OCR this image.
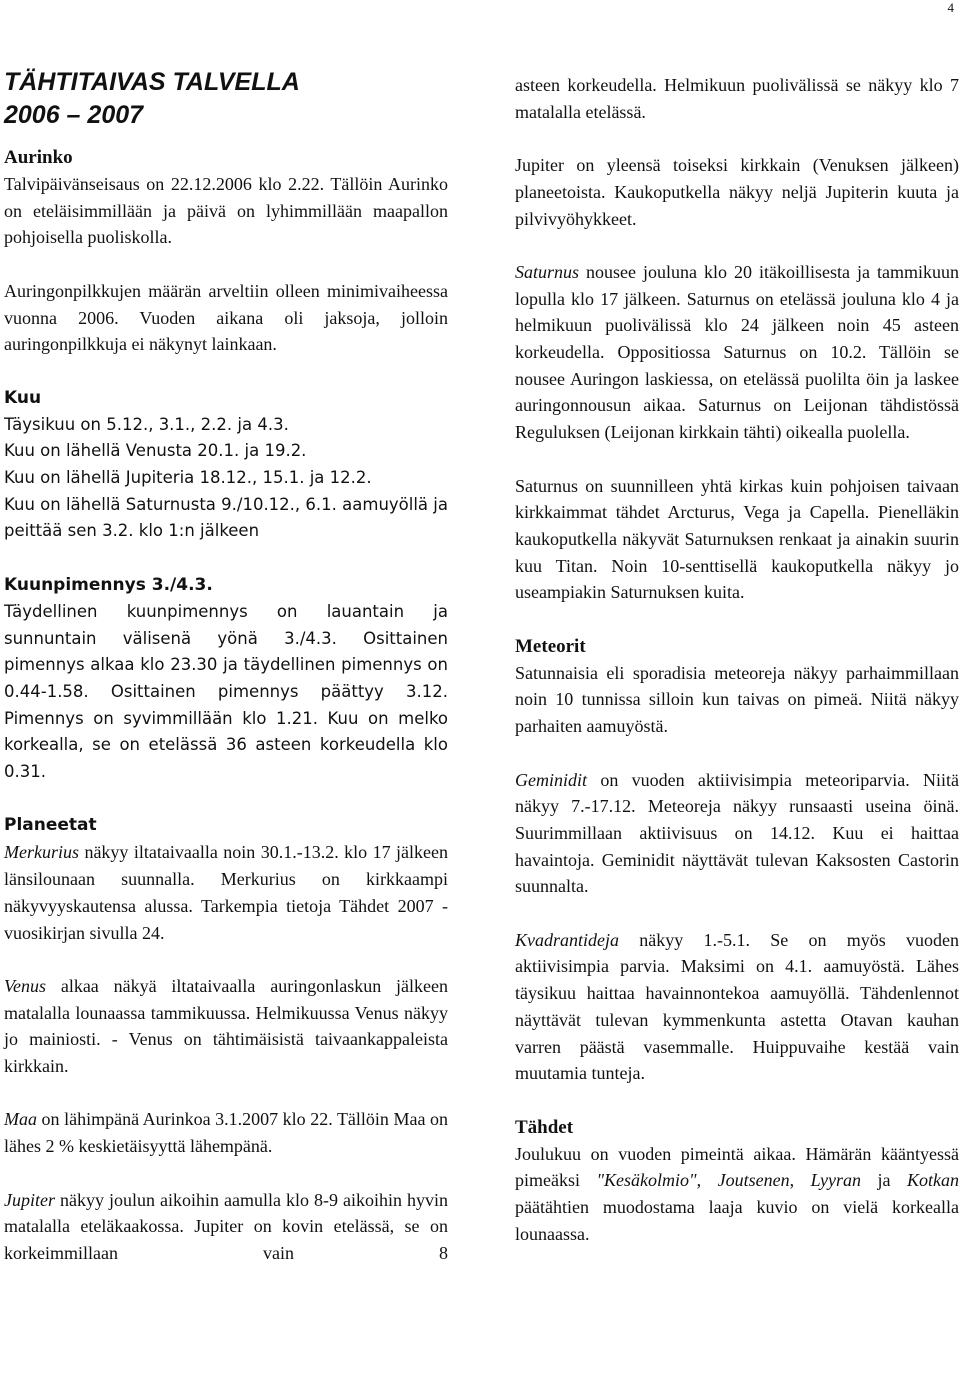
4
TÄHTITAIVAS TALVELLA
2006 – 2007
Aurinko

Talvipäivänseisaus on 22.12.2006 klo 2.22. Tällöin Aurinko on eteläisimmillään ja päivä on lyhimmillään maapallon pohjoisella puoliskolla.

Auringonpilkkujen määrän arveltiin olleen minimivaiheessa vuonna 2006. Vuoden aikana oli jaksoja, jolloin auringonpilkkuja ei näkynyt lainkaan.

Kuu
Täysikuu on 5.12., 3.1., 2.2. ja 4.3.
Kuu on lähellä Venusta 20.1. ja 19.2.
Kuu on lähellä Jupiteria 18.12., 15.1. ja 12.2.
Kuu on lähellä Saturnusta 9./10.12., 6.1. aamuyöllä ja peittää sen 3.2. klo 1:n jälkeen
Kuunpimennys 3./4.3.

Täydellinen kuunpimennys on lauantain ja sunnuntain välisenä yönä 3./4.3. Osittainen pimennys alkaa klo 23.30 ja täydellinen pimennys on 0.44-1.58. Osittainen pimennys päättyy 3.12. Pimennys on syvimmillään klo 1.21. Kuu on melko korkealla, se on etelässä 36 asteen korkeudella klo 0.31.

Planeetat

Merkurius näkyy iltataivaalla noin 30.1.-13.2. klo 17 jälkeen länsilounaan suunnalla. Merkurius on kirkkaampi näkyvyyskautensa alussa. Tarkempia tietoja Tähdet 2007 - vuosikirjan sivulla 24.

Venus alkaa näkyä iltataivaalla auringonlaskun jälkeen matalalla lounaassa tammikuussa. Helmikuussa Venus näkyy jo mainiosti. - Venus on tähtimäisistä taivaankappaleista kirkkain.

Maa on lähimpänä Aurinkoa 3.1.2007 klo 22. Tällöin Maa on lähes 2 % keskietäisyyttä lähempänä.

Jupiter näkyy joulun aikoihin aamulla klo 8-9 aikoihin hyvin matalalla eteläkaakossa. Jupiter on kovin etelässä, se on korkeimmillaan vain 8

asteen korkeudella. Helmikuun puolivälissä se näkyy klo 7 matalalla etelässä.

Jupiter on yleensä toiseksi kirkkain (Venuksen jälkeen) planeetoista. Kaukoputkella näkyy neljä Jupiterin kuuta ja pilvivyöhykkeet.

Saturnus nousee jouluna klo 20 itäkoillisesta ja tammikuun lopulla klo 17 jälkeen. Saturnus on etelässä jouluna klo 4 ja helmikuun puolivälissä klo 24 jälkeen noin 45 asteen korkeudella. Oppositiossa Saturnus on 10.2. Tällöin se nousee Auringon laskiessa, on etelässä puolilta öin ja laskee auringonnousun aikaa. Saturnus on Leijonan tähdistössä Reguluksen (Leijonan kirkkain tähti) oikealla puolella.

Saturnus on suunnilleen yhtä kirkas kuin pohjoisen taivaan kirkkaimmat tähdet Arcturus, Vega ja Capella. Pienelläkin kaukoputkella näkyvät Saturnuksen renkaat ja ainakin suurin kuu Titan. Noin 10-senttisellä kaukoputkella näkyy jo useampiakin Saturnuksen kuita.

Meteorit

Satunnaisia eli sporadisia meteoreja näkyy parhaimmillaan noin 10 tunnissa silloin kun taivas on pimeä. Niitä näkyy parhaiten aamuyöstä.

Geminidit on vuoden aktiivisimpia meteoriparvia. Niitä näkyy 7.-17.12. Meteoreja näkyy runsaasti useina öinä. Suurimmillaan aktiivisuus on 14.12. Kuu ei haittaa havaintoja. Geminidit näyttävät tulevan Kaksosten Castorin suunnalta.

Kvadrantideja näkyy 1.-5.1. Se on myös vuoden aktiivisimpia parvia. Maksimi on 4.1. aamuyöstä. Lähes täysikuu haittaa havainnontekoa aamuyöllä. Tähdenlennot näyttävät tulevan kymmenkunta astetta Otavan kauhan varren päästä vasemmalle. Huippuvaihe kestää vain muutamia tunteja.

Tähdet

Joulukuu on vuoden pimeintä aikaa. Hämärän kääntyessä pimeäksi "Kesäkolmio", Joutsenen, Lyyran ja Kotkan päätähtien muodostama laaja kuvio on vielä korkealla lounaassa.
